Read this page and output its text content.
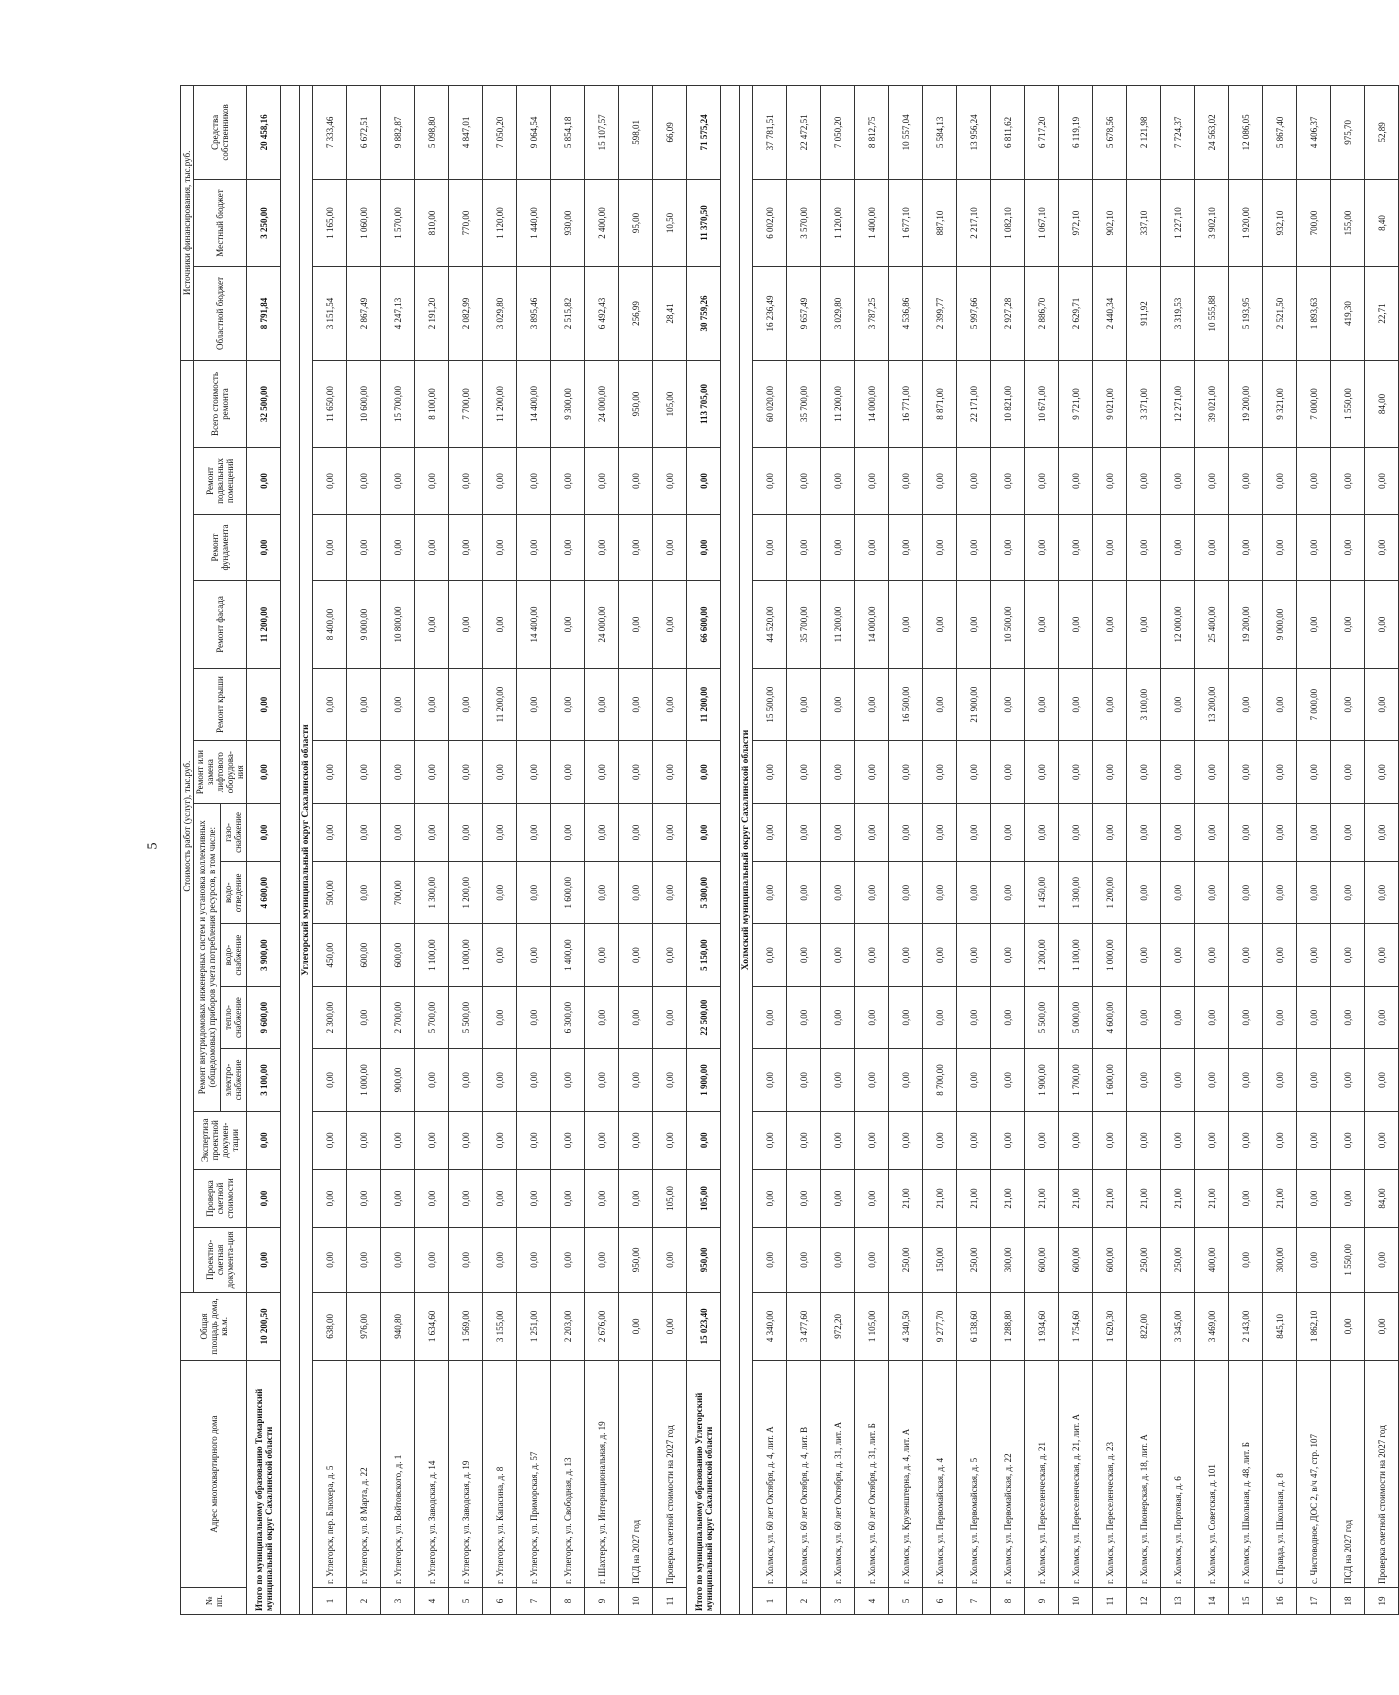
5
№ пп.	Адрес многоквартирного дома	Общая площадь дома, кв.м.	Стоимость работ (услуг), тыс.руб.														Источники финансирования, тыс.руб.		
			Проектно-сметная документа-ция	Проверка сметной стоимости	Экспертиза проектной докумен-тации	Ремонт внутридомовых инженерных систем и установка коллективных (общедомовых) приборов учета потребления ресурсов, в том числе:					Ремонт или замена лифтового оборудова-ния	Ремонт крыши	Ремонт фасада	Ремонт фундамента	Ремонт подвальных помещений	Всего стоимость ремонта	Областной бюджет	Местный бюджет	Средства собственников
						электро-снабжение	тепло-снабжение	водо-снабжение	водо-отведение	газо-снабжение									
Итого по муниципальному образованию Томаринский муниципальный округ Сахалинской области		10 200,50	0,00	0,00	0,00	3 100,00	9 600,00	3 900,00	4 600,00	0,00	0,00	0,00	11 200,00	0,00	0,00	32 500,00	8 791,84	3 250,00	20 458,16

Углегорский муниципальный округ Сахалинской области																			
1	г. Углегорск, пер. Блюхера, д. 5	638,00	0,00	0,00	0,00	0,00	2 300,00	450,00	500,00	0,00	0,00	0,00	8 400,00	0,00	0,00	11 650,00	3 151,54	1 165,00	7 333,46
2	г. Углегорск, ул. 8 Марта, д. 22	976,00	0,00	0,00	0,00	1 000,00	0,00	600,00	0,00	0,00	0,00	0,00	9 000,00	0,00	0,00	10 600,00	2 867,49	1 060,00	6 672,51
3	г. Углегорск, ул. Войтовского, д. 1	940,80	0,00	0,00	0,00	900,00	2 700,00	600,00	700,00	0,00	0,00	0,00	10 800,00	0,00	0,00	15 700,00	4 247,13	1 570,00	9 882,87
4	г. Углегорск, ул. Заводская, д. 14	1 634,60	0,00	0,00	0,00	0,00	5 700,00	1 100,00	1 300,00	0,00	0,00	0,00	0,00	0,00	0,00	8 100,00	2 191,20	810,00	5 098,80
5	г. Углегорск, ул. Заводская, д. 19	1 569,00	0,00	0,00	0,00	0,00	5 500,00	1 000,00	1 200,00	0,00	0,00	0,00	0,00	0,00	0,00	7 700,00	2 082,99	770,00	4 847,01
6	г. Углегорск, ул. Капасина, д. 8	3 155,00	0,00	0,00	0,00	0,00	0,00	0,00	0,00	0,00	0,00	11 200,00	0,00	0,00	0,00	11 200,00	3 029,80	1 120,00	7 050,20
7	г. Углегорск, ул. Приморская, д. 57	1 251,00	0,00	0,00	0,00	0,00	0,00	0,00	0,00	0,00	0,00	0,00	14 400,00	0,00	0,00	14 400,00	3 895,46	1 440,00	9 064,54
8	г. Углегорск, ул. Свободная, д. 13	2 203,00	0,00	0,00	0,00	0,00	6 300,00	1 400,00	1 600,00	0,00	0,00	0,00	0,00	0,00	0,00	9 300,00	2 515,82	930,00	5 854,18
9	г. Шахтерск, ул. Интернациональная, д. 19	2 676,00	0,00	0,00	0,00	0,00	0,00	0,00	0,00	0,00	0,00	0,00	24 000,00	0,00	0,00	24 000,00	6 492,43	2 400,00	15 107,57
10	ПСД на 2027 год	0,00	950,00	0,00	0,00	0,00	0,00	0,00	0,00	0,00	0,00	0,00	0,00	0,00	0,00	950,00	256,99	95,00	598,01
11	Проверка сметной стоимости на 2027 год	0,00	0,00	105,00	0,00	0,00	0,00	0,00	0,00	0,00	0,00	0,00	0,00	0,00	0,00	105,00	28,41	10,50	66,09
Итого по муниципальному образованию Углегорский муниципальный округ Сахалинской области		15 023,40	950,00	105,00	0,00	1 900,00	22 500,00	5 150,00	5 300,00	0,00	0,00	11 200,00	66 600,00	0,00	0,00	113 705,00	30 759,26	11 370,50	71 575,24

Холмский муниципальный округ Сахалинской области																			
1	г. Холмск, ул. 60 лет Октября, д. 4, лит. А	4 340,00	0,00	0,00	0,00	0,00	0,00	0,00	0,00	0,00	0,00	15 500,00	44 520,00	0,00	0,00	60 020,00	16 236,49	6 002,00	37 781,51
2	г. Холмск, ул. 60 лет Октября, д. 4, лит. В	3 477,60	0,00	0,00	0,00	0,00	0,00	0,00	0,00	0,00	0,00	0,00	35 700,00	0,00	0,00	35 700,00	9 657,49	3 570,00	22 472,51
3	г. Холмск, ул. 60 лет Октября, д. 31, лит. А	972,20	0,00	0,00	0,00	0,00	0,00	0,00	0,00	0,00	0,00	0,00	11 200,00	0,00	0,00	11 200,00	3 029,80	1 120,00	7 050,20
4	г. Холмск, ул. 60 лет Октября, д. 31, лит. Б	1 105,00	0,00	0,00	0,00	0,00	0,00	0,00	0,00	0,00	0,00	0,00	14 000,00	0,00	0,00	14 000,00	3 787,25	1 400,00	8 812,75
5	г. Холмск, ул. Крузенштерна, д. 4, лит. А	4 340,50	250,00	21,00	0,00	0,00	0,00	0,00	0,00	0,00	0,00	16 500,00	0,00	0,00	0,00	16 771,00	4 536,86	1 677,10	10 557,04
6	г. Холмск, ул. Первомайская, д. 4	9 277,70	150,00	21,00	0,00	8 700,00	0,00	0,00	0,00	0,00	0,00	0,00	0,00	0,00	0,00	8 871,00	2 399,77	887,10	5 584,13
7	г. Холмск, ул. Первомайская, д. 5	6 138,60	250,00	21,00	0,00	0,00	0,00	0,00	0,00	0,00	0,00	21 900,00	0,00	0,00	0,00	22 171,00	5 997,66	2 217,10	13 956,24
8	г. Холмск, ул. Первомайская, д. 22	1 288,80	300,00	21,00	0,00	0,00	0,00	0,00	0,00	0,00	0,00	0,00	10 500,00	0,00	0,00	10 821,00	2 927,28	1 082,10	6 811,62
9	г. Холмск, ул. Переселенческая, д. 21	1 934,60	600,00	21,00	0,00	1 900,00	5 500,00	1 200,00	1 450,00	0,00	0,00	0,00	0,00	0,00	0,00	10 671,00	2 886,70	1 067,10	6 717,20
10	г. Холмск, ул. Переселенческая, д. 21, лит. А	1 754,60	600,00	21,00	0,00	1 700,00	5 000,00	1 100,00	1 300,00	0,00	0,00	0,00	0,00	0,00	0,00	9 721,00	2 629,71	972,10	6 119,19
11	г. Холмск, ул. Переселенческая, д. 23	1 620,30	600,00	21,00	0,00	1 600,00	4 600,00	1 000,00	1 200,00	0,00	0,00	0,00	0,00	0,00	0,00	9 021,00	2 440,34	902,10	5 678,56
12	г. Холмск, ул. Пионерская, д. 18, лит. А	822,00	250,00	21,00	0,00	0,00	0,00	0,00	0,00	0,00	0,00	3 100,00	0,00	0,00	0,00	3 371,00	911,92	337,10	2 121,98
13	г. Холмск, ул. Портовая, д. 6	3 345,00	250,00	21,00	0,00	0,00	0,00	0,00	0,00	0,00	0,00	0,00	12 000,00	0,00	0,00	12 271,00	3 319,53	1 227,10	7 724,37
14	г. Холмск, ул. Советская, д. 101	3 469,00	400,00	21,00	0,00	0,00	0,00	0,00	0,00	0,00	0,00	13 200,00	25 400,00	0,00	0,00	39 021,00	10 555,88	3 902,10	24 563,02
15	г. Холмск, ул. Школьная, д. 48, лит. Б	2 143,00	0,00	0,00	0,00	0,00	0,00	0,00	0,00	0,00	0,00	0,00	19 200,00	0,00	0,00	19 200,00	5 193,95	1 920,00	12 086,05
16	с. Правда, ул. Школьная, д. 8	845,10	300,00	21,00	0,00	0,00	0,00	0,00	0,00	0,00	0,00	0,00	9 000,00	0,00	0,00	9 321,00	2 521,50	932,10	5 867,40
17	с. Чистоводное, ДОС 2, в/ч 47, стр. 107	1 862,10	0,00	0,00	0,00	0,00	0,00	0,00	0,00	0,00	0,00	7 000,00	0,00	0,00	0,00	7 000,00	1 893,63	700,00	4 406,37
18	ПСД на 2027 год	0,00	1 550,00	0,00	0,00	0,00	0,00	0,00	0,00	0,00	0,00	0,00	0,00	0,00	0,00	1 550,00	419,30	155,00	975,70
19	Проверка сметной стоимости на 2027 год	0,00	0,00	84,00	0,00	0,00	0,00	0,00	0,00	0,00	0,00	0,00	0,00	0,00	0,00	84,00	22,71	8,40	52,89
